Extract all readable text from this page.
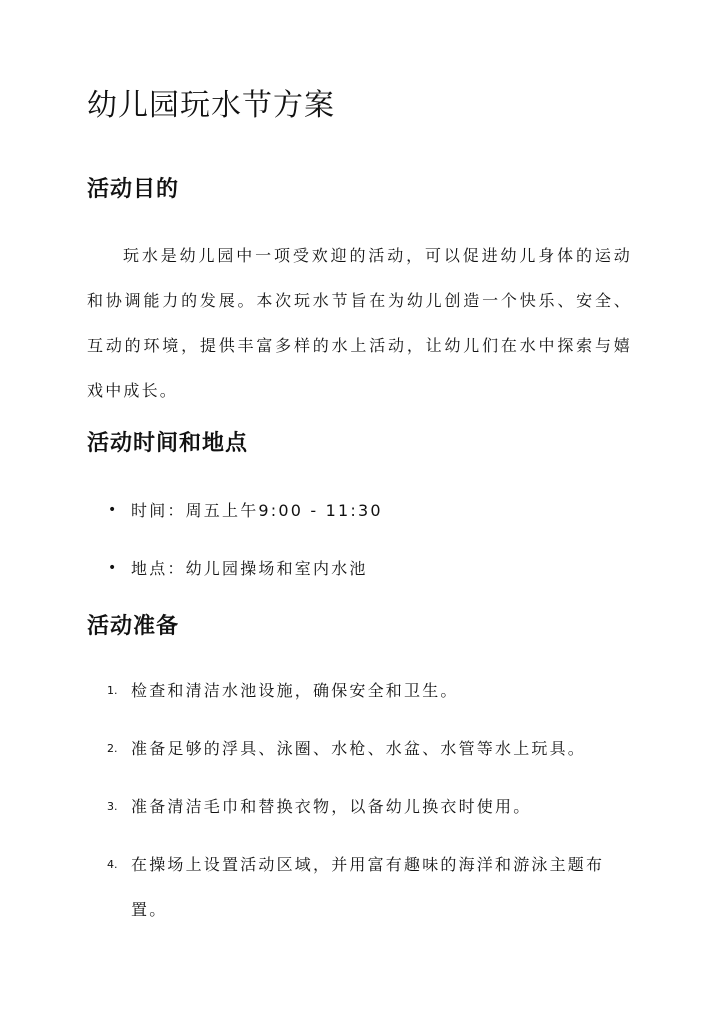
幼儿园玩水节方案
活动目的

玩水是幼儿园中一项受欢迎的活动，可以促进幼儿身体的运动和协调能力的发展。本次玩水节旨在为幼儿创造一个快乐、安全、互动的环境，提供丰富多样的水上活动，让幼儿们在水中探索与嬉戏中成长。

活动时间和地点
• 时间：周五上午9:00 - 11:30
• 地点：幼儿园操场和室内水池
活动准备
1. 检查和清洁水池设施，确保安全和卫生。
2. 准备足够的浮具、泳圈、水枪、水盆、水管等水上玩具。
3. 准备清洁毛巾和替换衣物，以备幼儿换衣时使用。
4. 在操场上设置活动区域，并用富有趣味的海洋和游泳主题布置。
